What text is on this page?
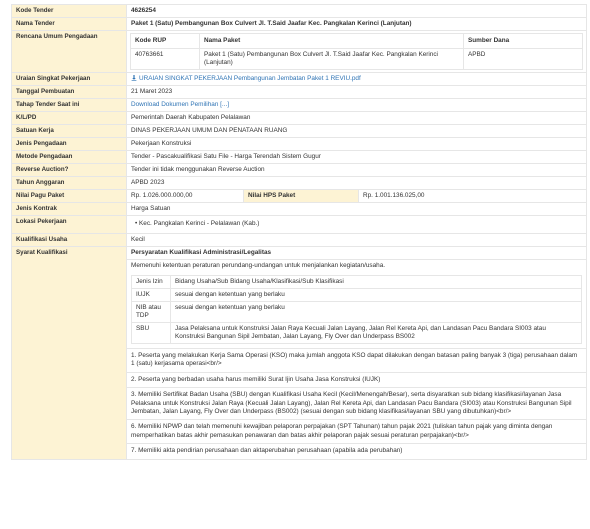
Kode Tender	4626254
Nama Tender	Paket 1 (Satu) Pembangunan Box Culvert Jl. T.Said Jaafar Kec. Pangkalan Kerinci (Lanjutan)
Rencana Umum Pengadaan	
Kode RUP	Nama Paket	Sumber Dana
40763661	Paket 1 (Satu) Pembangunan Box Culvert Jl. T.Said Jaafar Kec. Pangkalan Kerinci (Lanjutan)	APBD

Uraian Singkat Pekerjaan	URAIAN SINGKAT PEKERJAAN Pembangunan Jembatan Paket 1 REVIU.pdf
Tanggal Pembuatan	21 Maret 2023
Tahap Tender Saat ini	Download Dokumen Pemilihan [...]
K/L/PD	Pemerintah Daerah Kabupaten Pelalawan
Satuan Kerja	DINAS PEKERJAAN UMUM DAN PENATAAN RUANG
Jenis Pengadaan	Pekerjaan Konstruksi
Metode Pengadaan	Tender - Pascakualifikasi Satu File - Harga Terendah Sistem Gugur
Reverse Auction?	Tender ini tidak menggunakan Reverse Auction
Tahun Anggaran	APBD 2023
Nilai Pagu Paket		Rp. 1.026.000.000,00	Nilai HPS Paket	Rp. 1.001.136.025,00

Jenis Kontrak	Harga Satuan
Lokasi Pekerjaan	•Kec. Pangkalan Kerinci - Pelalawan (Kab.)
Kualifikasi Usaha	Kecil
Syarat Kualifikasi	Persyaratan Kualifikasi Administrasi/Legalitas
Memenuhi ketentuan peraturan perundang-undangan untuk menjalankan kegiatan/usaha.
Jenis Izin	Bidang Usaha/Sub Bidang Usaha/Klasifikasi/Sub Klasifikasi
IUJK	sesuai dengan ketentuan yang berlaku
NIB atau TDP	sesuai dengan ketentuan yang berlaku
SBU	Jasa Pelaksana untuk Konstruksi Jalan Raya Kecuali Jalan Layang, Jalan Rel Kereta Api, dan Landasan Pacu Bandara SI003 atau Konstruksi Bangunan Sipil Jembatan, Jalan Layang, Fly Over dan Underpass BS002
1. Peserta yang melakukan Kerja Sama Operasi (KSO) maka jumlah anggota KSO dapat dilakukan dengan batasan paling banyak 3 (tiga) perusahaan dalam 1 (satu) kerjasama operasi<br/>
2. Peserta yang berbadan usaha harus memiliki Surat Ijin Usaha Jasa Konstruksi (IUJK)
3. Memiliki Sertifikat Badan Usaha (SBU) dengan Kualifikasi Usaha Kecil (Kecil/Menengah/Besar), serta disyaratkan sub bidang klasifikasi/layanan Jasa Pelaksana untuk Konstruksi Jalan Raya (Kecuali Jalan Layang), Jalan Rel Kereta Api, dan Landasan Pacu Bandara (SI003) atau Konstruksi Bangunan Sipil Jembatan, Jalan Layang, Fly Over dan Underpass (BS002) (sesuai dengan sub bidang klasifikasi/layanan SBU yang dibutuhkan)<br/>
6. Memiliki NPWP dan telah memenuhi kewajiban pelaporan perpajakan (SPT Tahunan) tahun pajak 2021 (tuliskan tahun pajak yang diminta dengan memperhatikan batas akhir pemasukan penawaran dan batas akhir pelaporan pajak sesuai peraturan perpajakan)<br/>
7. Memiliki akta pendirian perusahaan dan aktaperubahan perusahaan (apabila ada perubahan)
